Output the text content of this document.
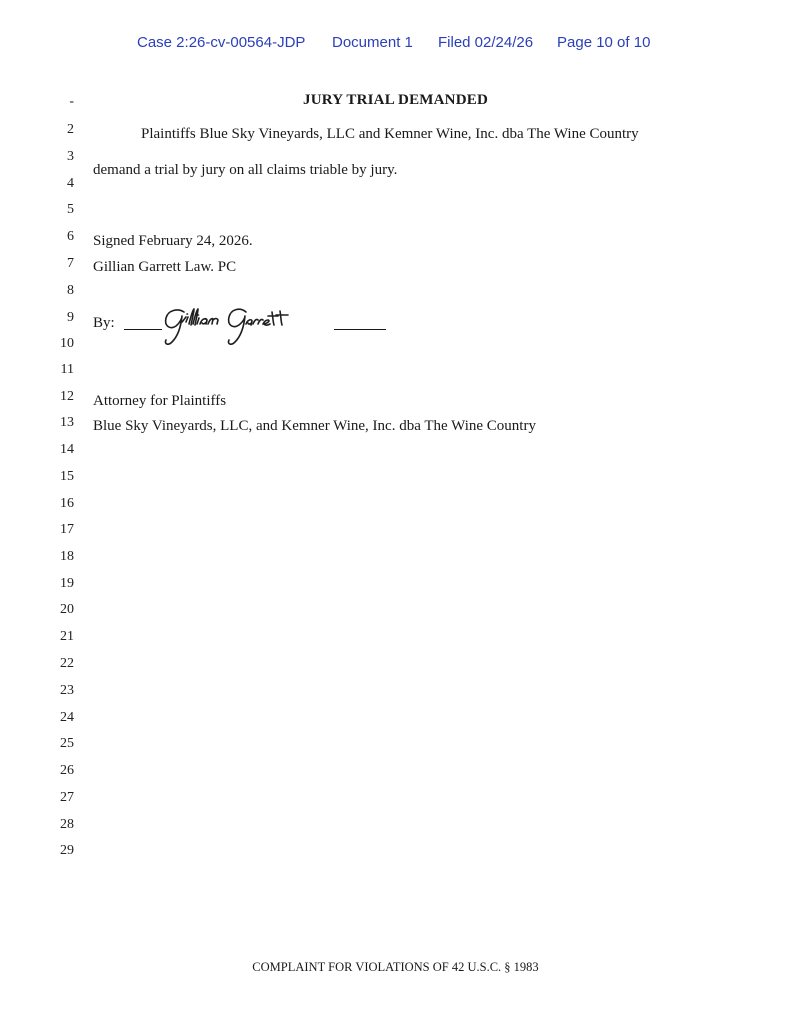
Case 2:26-cv-00564-JDP Document 1 Filed 02/24/26 Page 10 of 10
-
2
3
4
5
6
7
8
9
10
11
12
13
14
15
16
17
18
19
20
21
22
23
24
25
26
27
28
29
JURY TRIAL DEMANDED
Plaintiffs Blue Sky Vineyards, LLC and Kemner Wine, Inc. dba The Wine Country
demand a trial by jury on all claims triable by jury.
Signed February 24, 2026.
Gillian Garrett Law. PC
By:
Attorney for Plaintiffs
Blue Sky Vineyards, LLC, and Kemner Wine, Inc. dba The Wine Country
COMPLAINT FOR VIOLATIONS OF 42 U.S.C. § 1983
